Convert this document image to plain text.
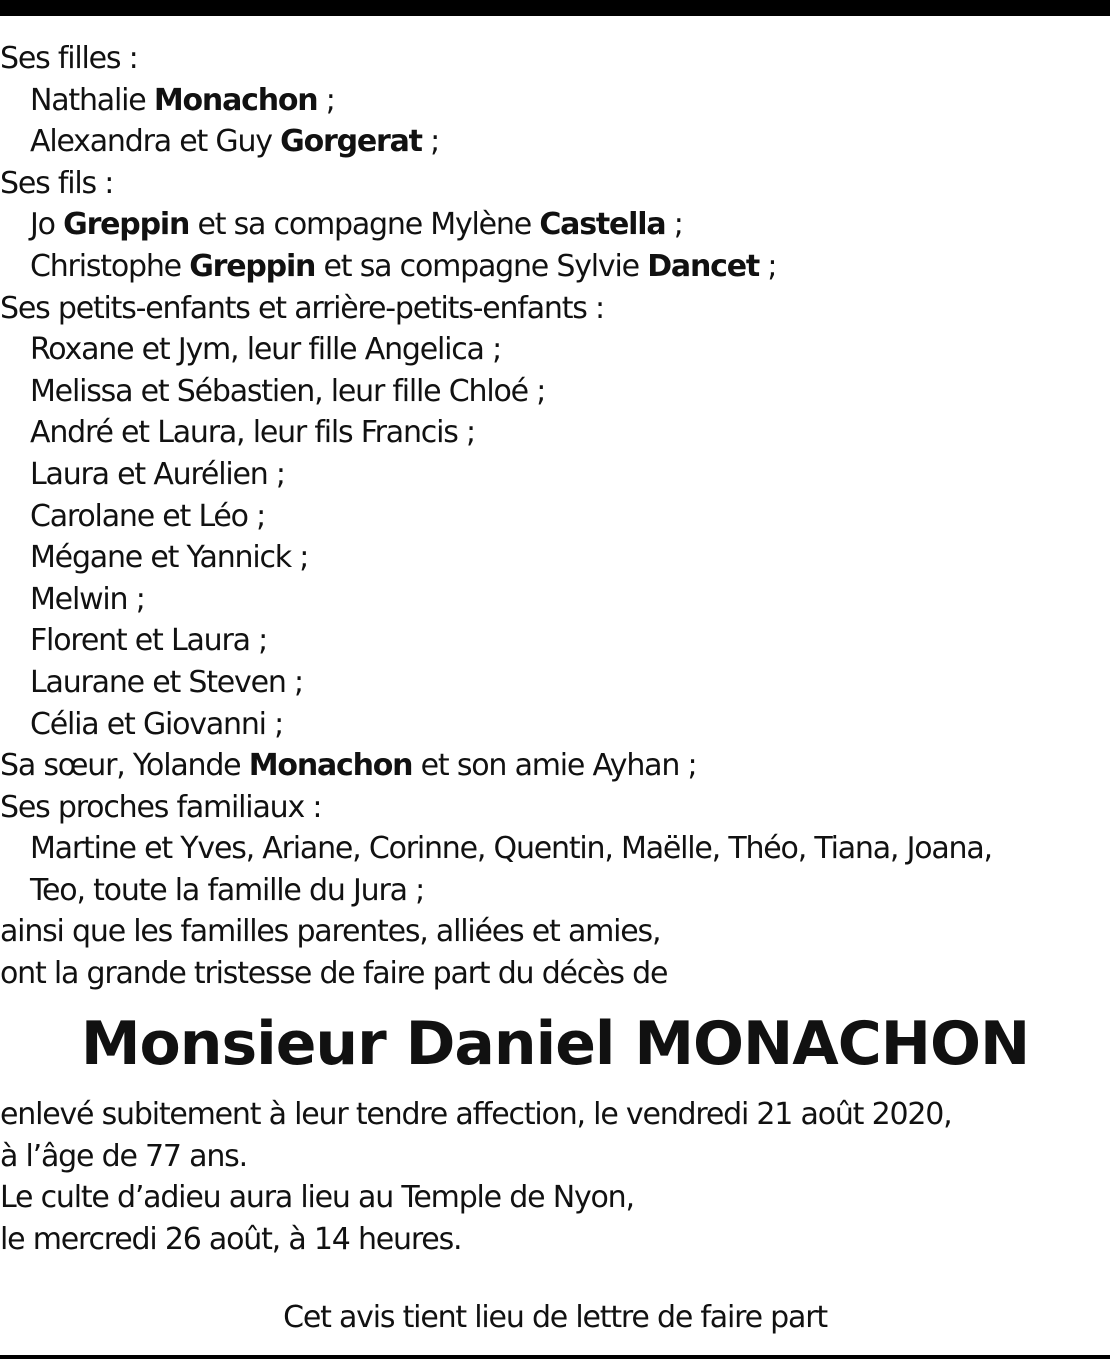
Ses filles :
Nathalie Monachon ;
Alexandra et Guy Gorgerat ;
Ses fils :
Jo Greppin et sa compagne Mylène Castella ;
Christophe Greppin et sa compagne Sylvie Dancet ;
Ses petits-enfants et arrière-petits-enfants :
Roxane et Jym, leur fille Angelica ;
Melissa et Sébastien, leur fille Chloé ;
André et Laura, leur fils Francis ;
Laura et Aurélien ;
Carolane et Léo ;
Mégane et Yannick ;
Melwin ;
Florent et Laura ;
Laurane et Steven ;
Célia et Giovanni ;
Sa sœur, Yolande Monachon et son amie Ayhan ;
Ses proches familiaux :
Martine et Yves, Ariane, Corinne, Quentin, Maëlle, Théo, Tiana, Joana,
Teo, toute la famille du Jura ;
ainsi que les familles parentes, alliées et amies,
ont la grande tristesse de faire part du décès de
Monsieur Daniel MONACHON
enlevé subitement à leur tendre affection, le vendredi 21 août 2020,
à l’âge de 77 ans.
Le culte d’adieu aura lieu au Temple de Nyon,
le mercredi 26 août, à 14 heures.
Cet avis tient lieu de lettre de faire part
